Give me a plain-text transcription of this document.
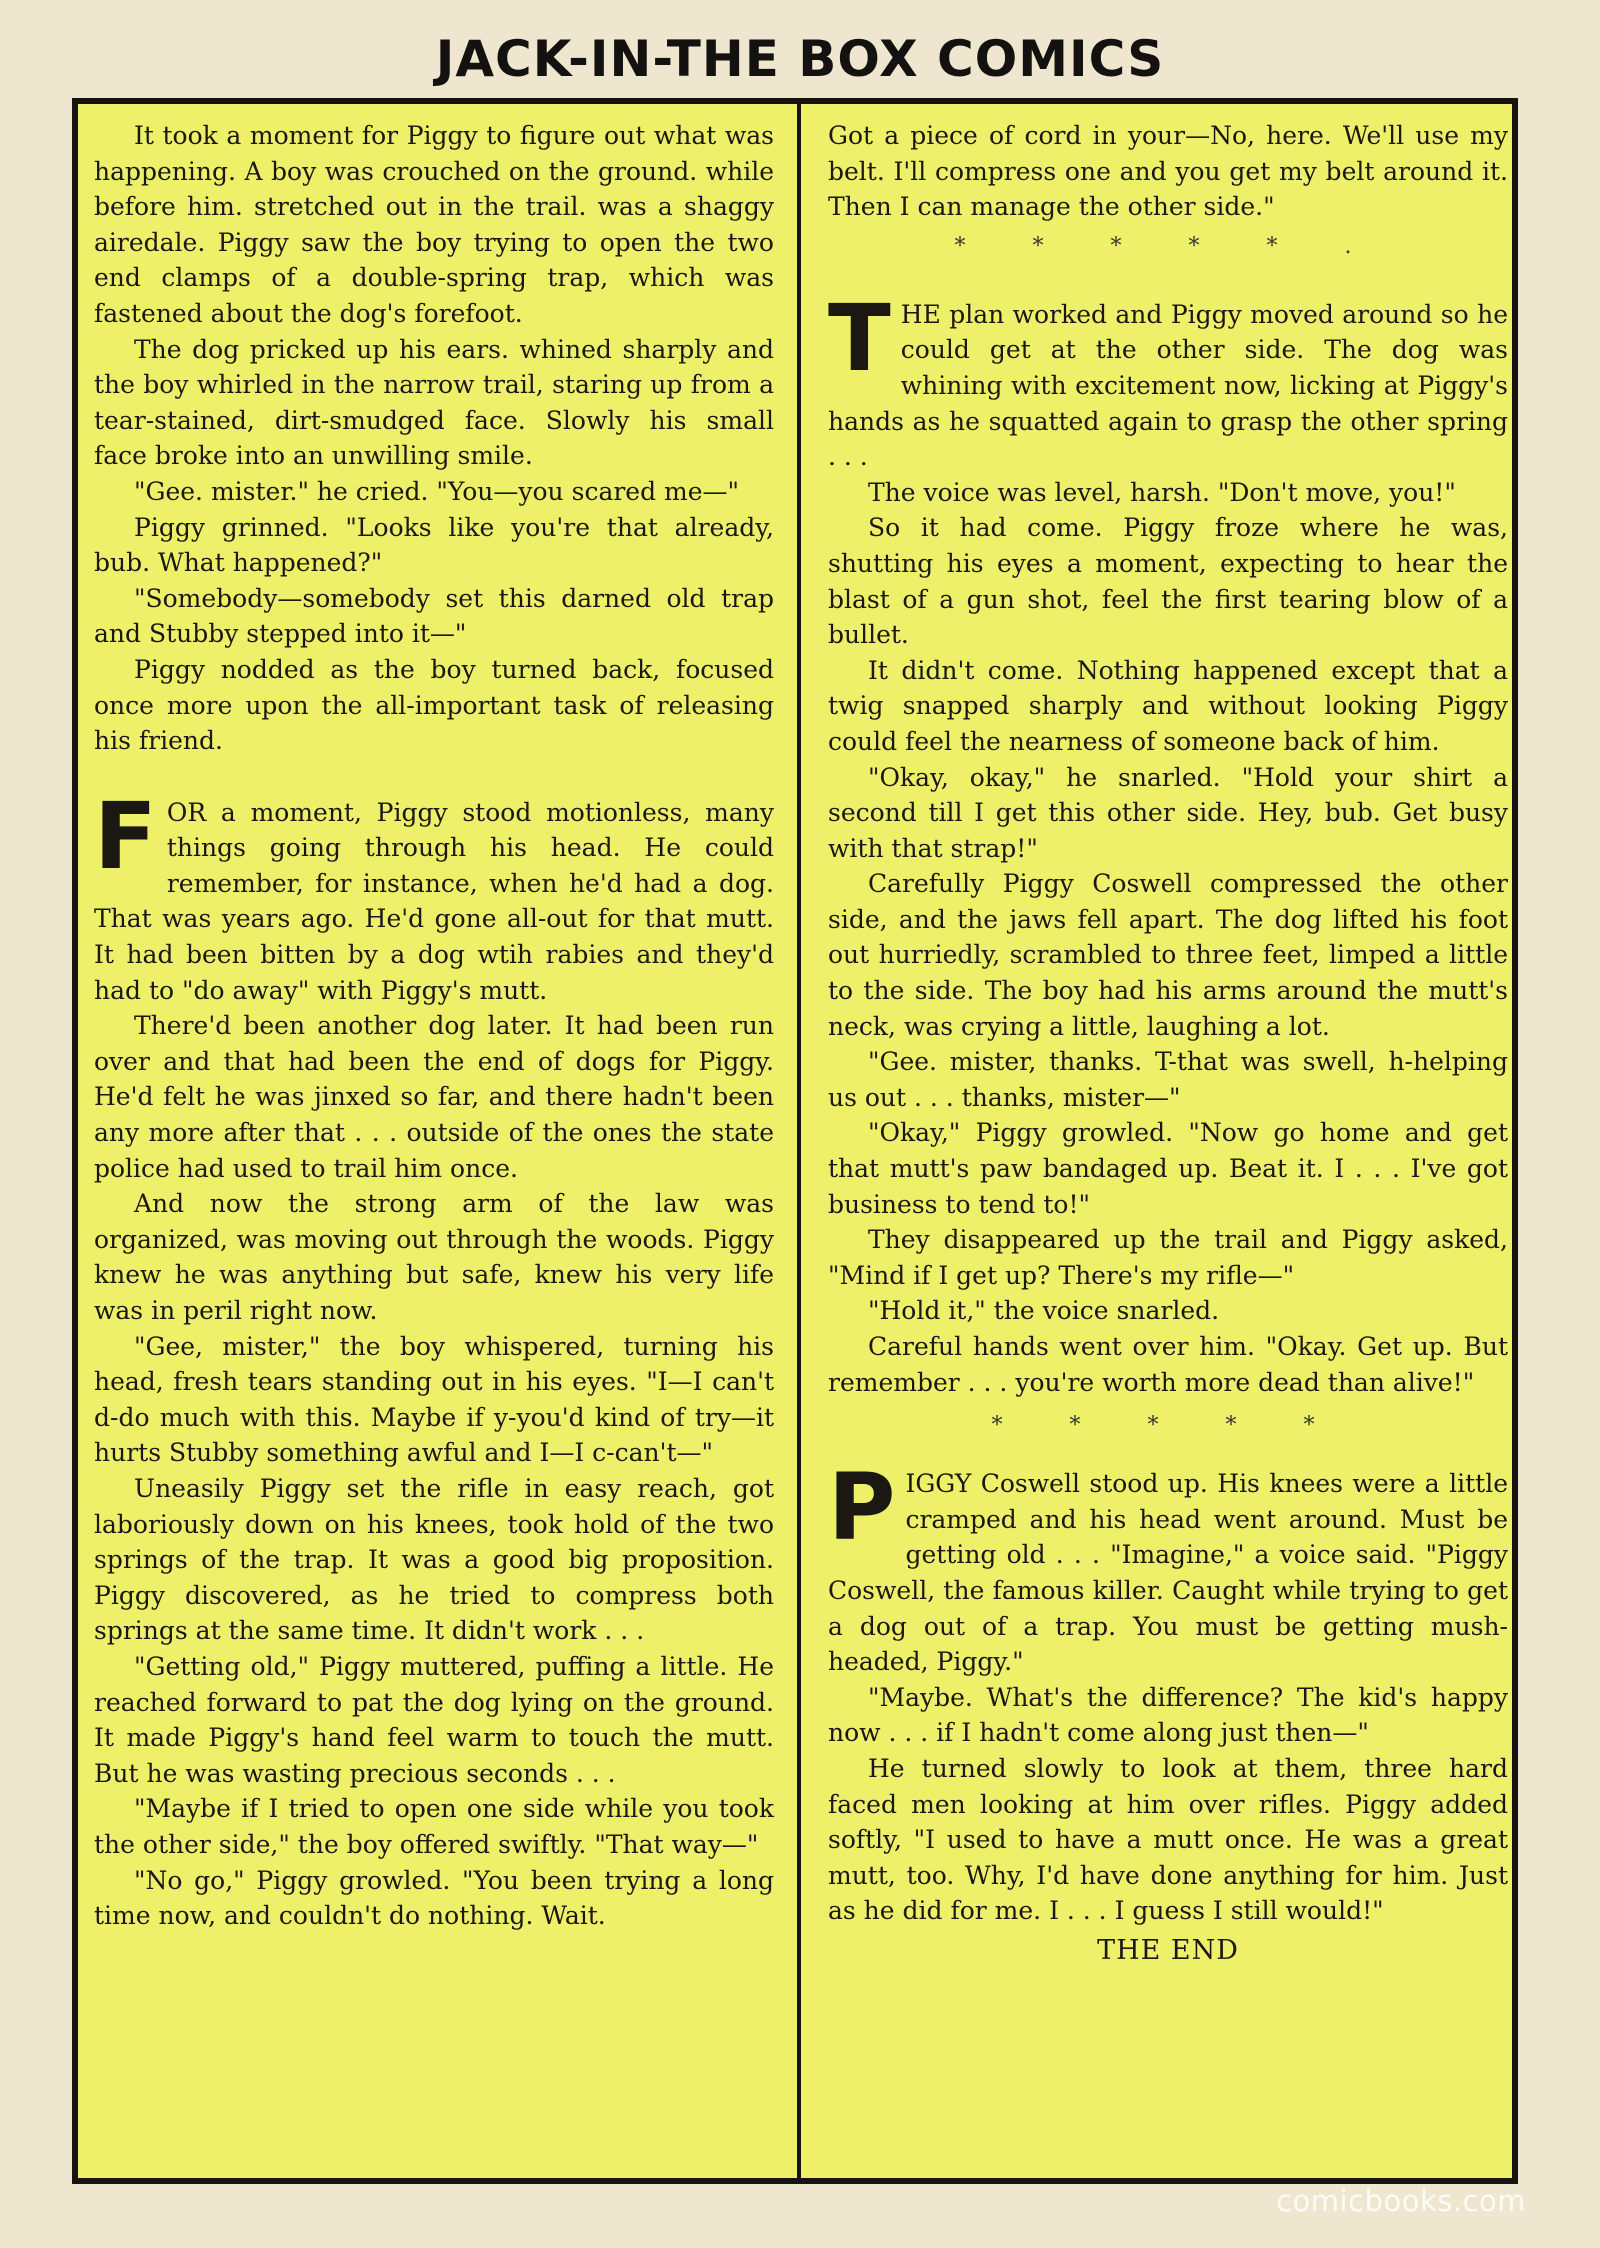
JACK-IN-THE BOX COMICS

It took a moment for Piggy to figure out what was happening. A boy was crouched on the ground. while before him. stretched out in the trail. was a shaggy airedale. Piggy saw the boy trying to open the two end clamps of a double-spring trap, which was fastened about the dog's forefoot.

The dog pricked up his ears. whined sharply and the boy whirled in the narrow trail, staring up from a tear-stained, dirt-smudged face. Slowly his small face broke into an unwilling smile.

"Gee. mister." he cried. "You—you scared me—"

Piggy grinned. "Looks like you're that already, bub. What happened?"

"Somebody—somebody set this darned old trap and Stubby stepped into it—"

Piggy nodded as the boy turned back, focused once more upon the all-important task of releasing his friend.

FOR a moment, Piggy stood motionless, many things going through his head. He could remember, for instance, when he'd had a dog. That was years ago. He'd gone all-out for that mutt. It had been bitten by a dog wtih rabies and they'd had to "do away" with Piggy's mutt.

There'd been another dog later. It had been run over and that had been the end of dogs for Piggy. He'd felt he was jinxed so far, and there hadn't been any more after that . . . outside of the ones the state police had used to trail him once.

And now the strong arm of the law was organized, was moving out through the woods. Piggy knew he was anything but safe, knew his very life was in peril right now.

"Gee, mister," the boy whispered, turning his head, fresh tears standing out in his eyes. "I—I can't d-do much with this. Maybe if y-you'd kind of try—it hurts Stubby something awful and I—I c-can't—"

Uneasily Piggy set the rifle in easy reach, got laboriously down on his knees, took hold of the two springs of the trap. It was a good big proposition. Piggy discovered, as he tried to compress both springs at the same time. It didn't work . . .

"Getting old," Piggy muttered, puffing a little. He reached forward to pat the dog lying on the ground. It made Piggy's hand feel warm to touch the mutt. But he was wasting precious seconds . . .

"Maybe if I tried to open one side while you took the other side," the boy offered swiftly. "That way—"

"No go," Piggy growled. "You been trying a long time now, and couldn't do nothing. Wait.

Got a piece of cord in your—No, here. We'll use my belt. I'll compress one and you get my belt around it. Then I can manage the other side."

* * * * * .

THE plan worked and Piggy moved around so he could get at the other side. The dog was whining with excitement now, licking at Piggy's hands as he squatted again to grasp the other spring . . .

The voice was level, harsh. "Don't move, you!"

So it had come. Piggy froze where he was, shutting his eyes a moment, expecting to hear the blast of a gun shot, feel the first tearing blow of a bullet.

It didn't come. Nothing happened except that a twig snapped sharply and without looking Piggy could feel the nearness of someone back of him.

"Okay, okay," he snarled. "Hold your shirt a second till I get this other side. Hey, bub. Get busy with that strap!"

Carefully Piggy Coswell compressed the other side, and the jaws fell apart. The dog lifted his foot out hurriedly, scrambled to three feet, limped a little to the side. The boy had his arms around the mutt's neck, was crying a little, laughing a lot.

"Gee. mister, thanks. T-that was swell, h-helping us out . . . thanks, mister—"

"Okay," Piggy growled. "Now go home and get that mutt's paw bandaged up. Beat it. I . . . I've got business to tend to!"

They disappeared up the trail and Piggy asked, "Mind if I get up? There's my rifle—"

"Hold it," the voice snarled.

Careful hands went over him. "Okay. Get up. But remember . . . you're worth more dead than alive!"

* * * * *

PIGGY Coswell stood up. His knees were a little cramped and his head went around. Must be getting old . . . "Imagine," a voice said. "Piggy Coswell, the famous killer. Caught while trying to get a dog out of a trap. You must be getting mush-headed, Piggy."

"Maybe. What's the difference? The kid's happy now . . . if I hadn't come along just then—"

He turned slowly to look at them, three hard faced men looking at him over rifles. Piggy added softly, "I used to have a mutt once. He was a great mutt, too. Why, I'd have done anything for him. Just as he did for me. I . . . I guess I still would!"

THE END
comicbooks.com
